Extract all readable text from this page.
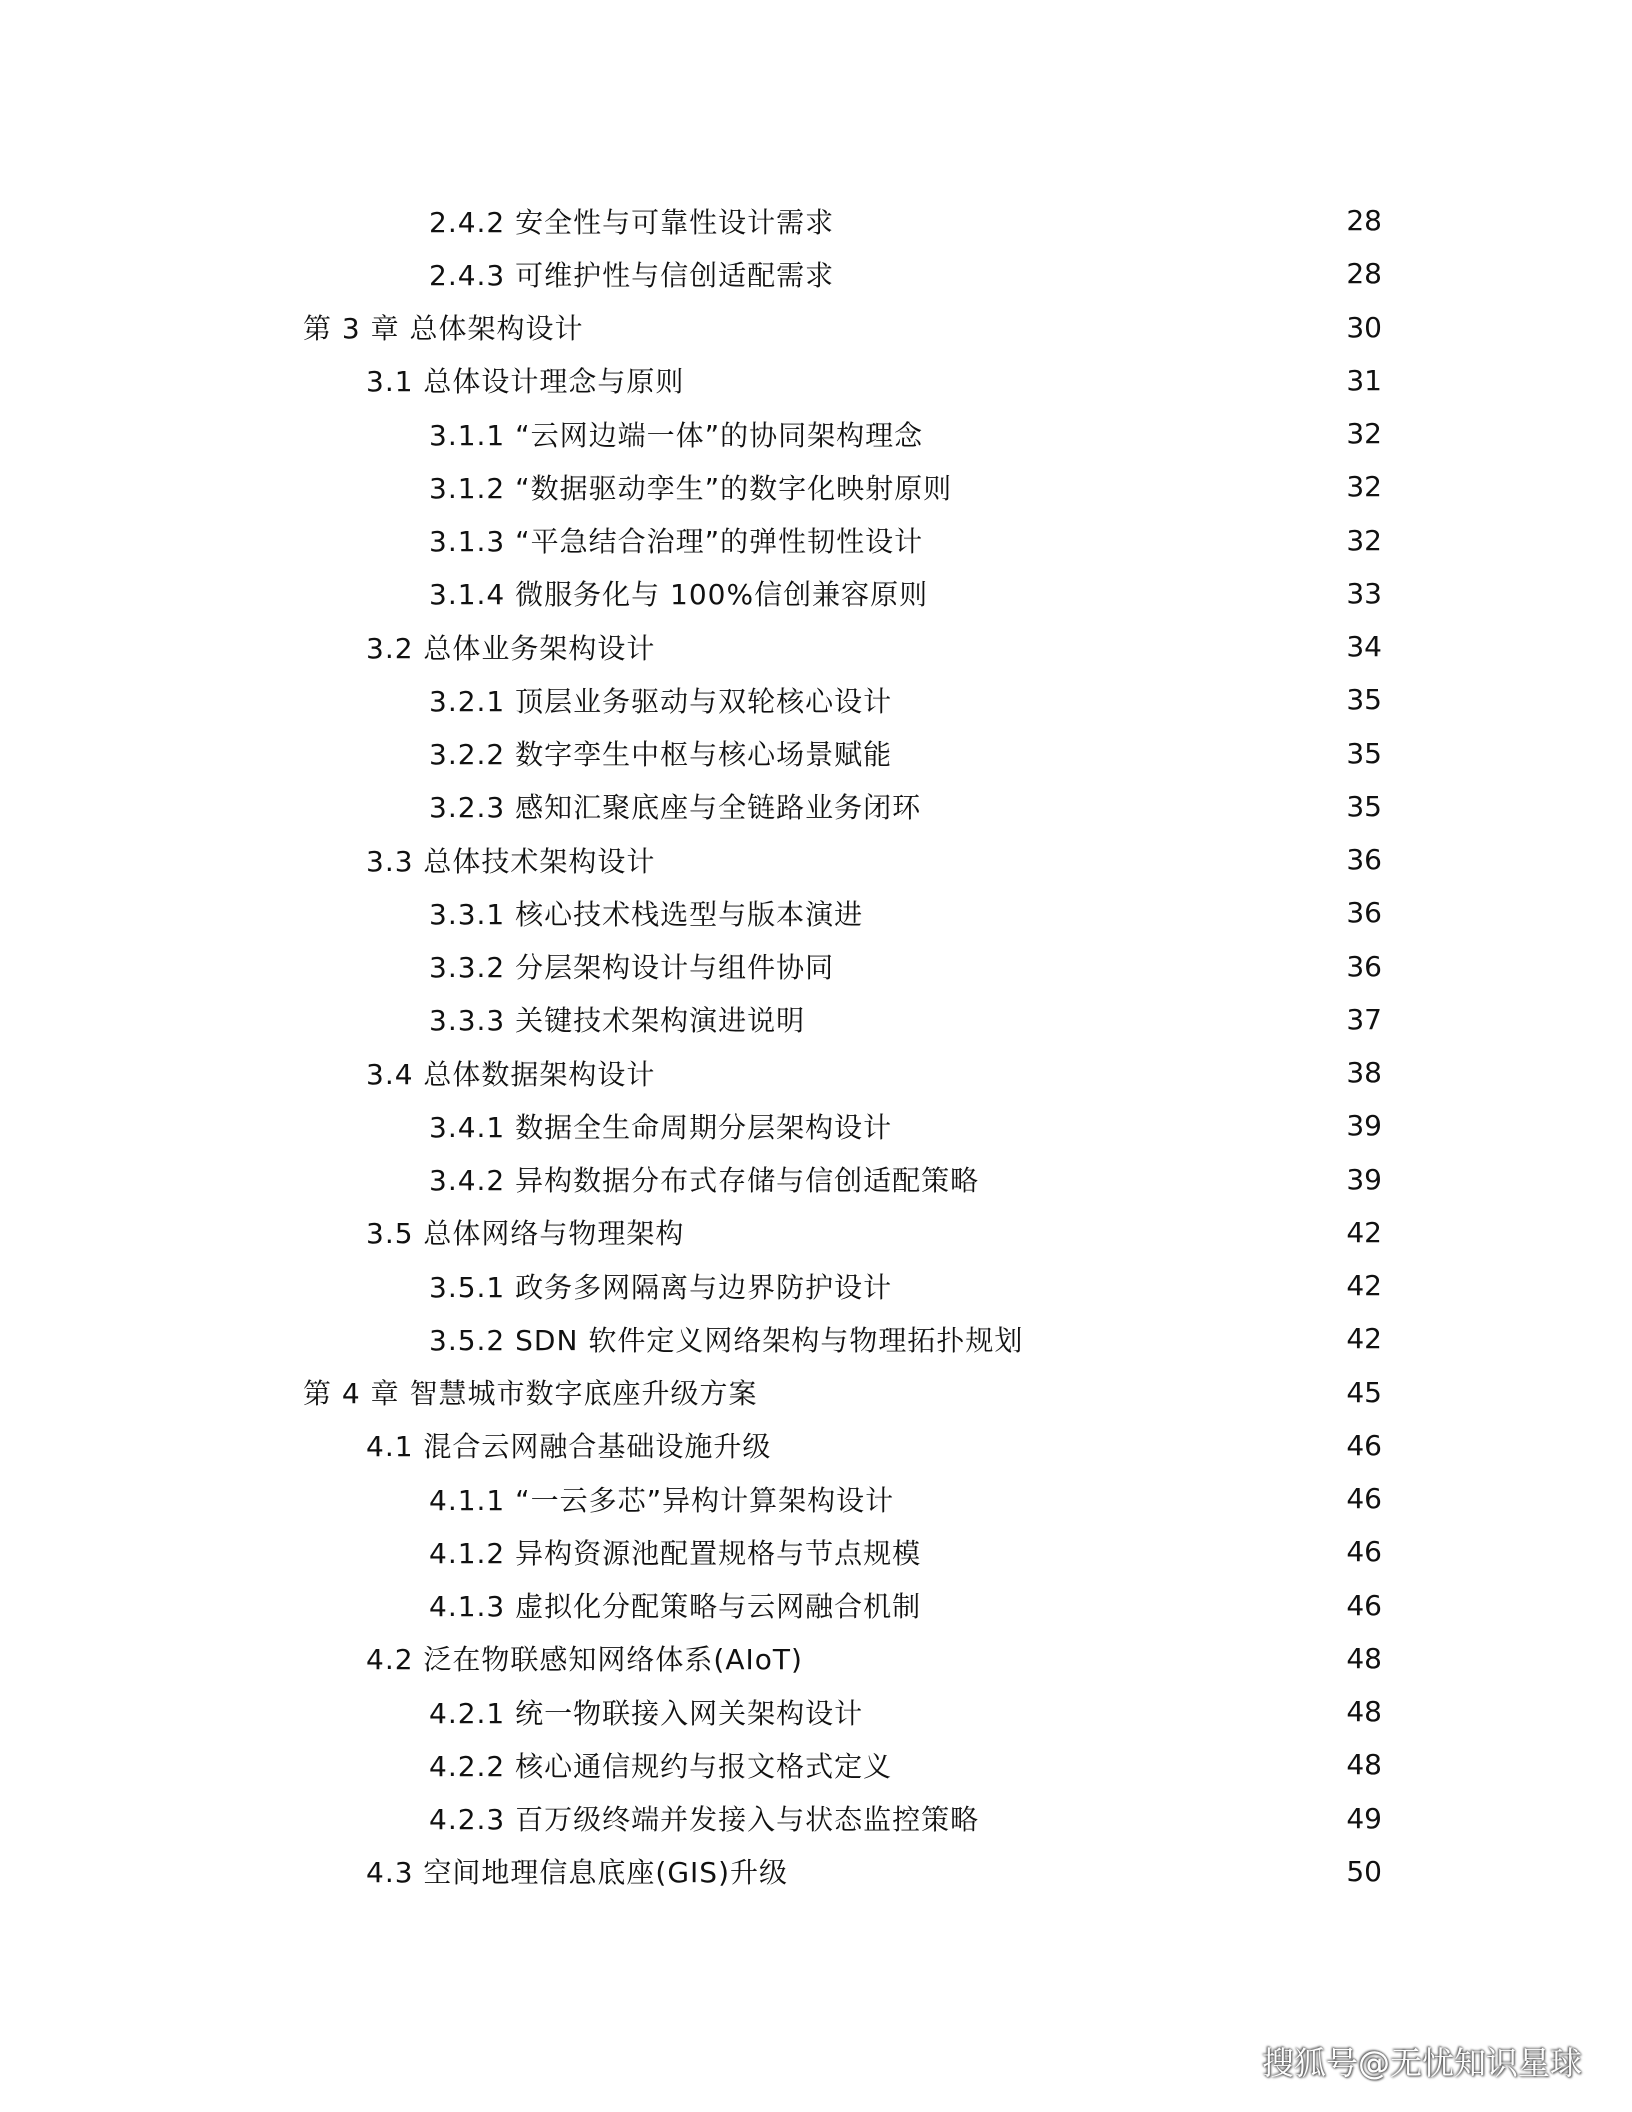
2.4.2 安全性与可靠性设计需求	28
2.4.3 可维护性与信创适配需求	28
第 3 章 总体架构设计	30
3.1 总体设计理念与原则	31
3.1.1 “云网边端一体”的协同架构理念	32
3.1.2 “数据驱动孪生”的数字化映射原则	32
3.1.3 “平急结合治理”的弹性韧性设计	32
3.1.4 微服务化与 100%信创兼容原则	33
3.2 总体业务架构设计	34
3.2.1 顶层业务驱动与双轮核心设计	35
3.2.2 数字孪生中枢与核心场景赋能	35
3.2.3 感知汇聚底座与全链路业务闭环	35
3.3 总体技术架构设计	36
3.3.1 核心技术栈选型与版本演进	36
3.3.2 分层架构设计与组件协同	36
3.3.3 关键技术架构演进说明	37
3.4 总体数据架构设计	38
3.4.1 数据全生命周期分层架构设计	39
3.4.2 异构数据分布式存储与信创适配策略	39
3.5 总体网络与物理架构	42
3.5.1 政务多网隔离与边界防护设计	42
3.5.2 SDN 软件定义网络架构与物理拓扑规划	42
第 4 章 智慧城市数字底座升级方案	45
4.1 混合云网融合基础设施升级	46
4.1.1 “一云多芯”异构计算架构设计	46
4.1.2 异构资源池配置规格与节点规模	46
4.1.3 虚拟化分配策略与云网融合机制	46
4.2 泛在物联感知网络体系(AIoT)	48
4.2.1 统一物联接入网关架构设计	48
4.2.2 核心通信规约与报文格式定义	48
4.2.3 百万级终端并发接入与状态监控策略	49
4.3 空间地理信息底座(GIS)升级	50
搜狐号@无忧知识星球
